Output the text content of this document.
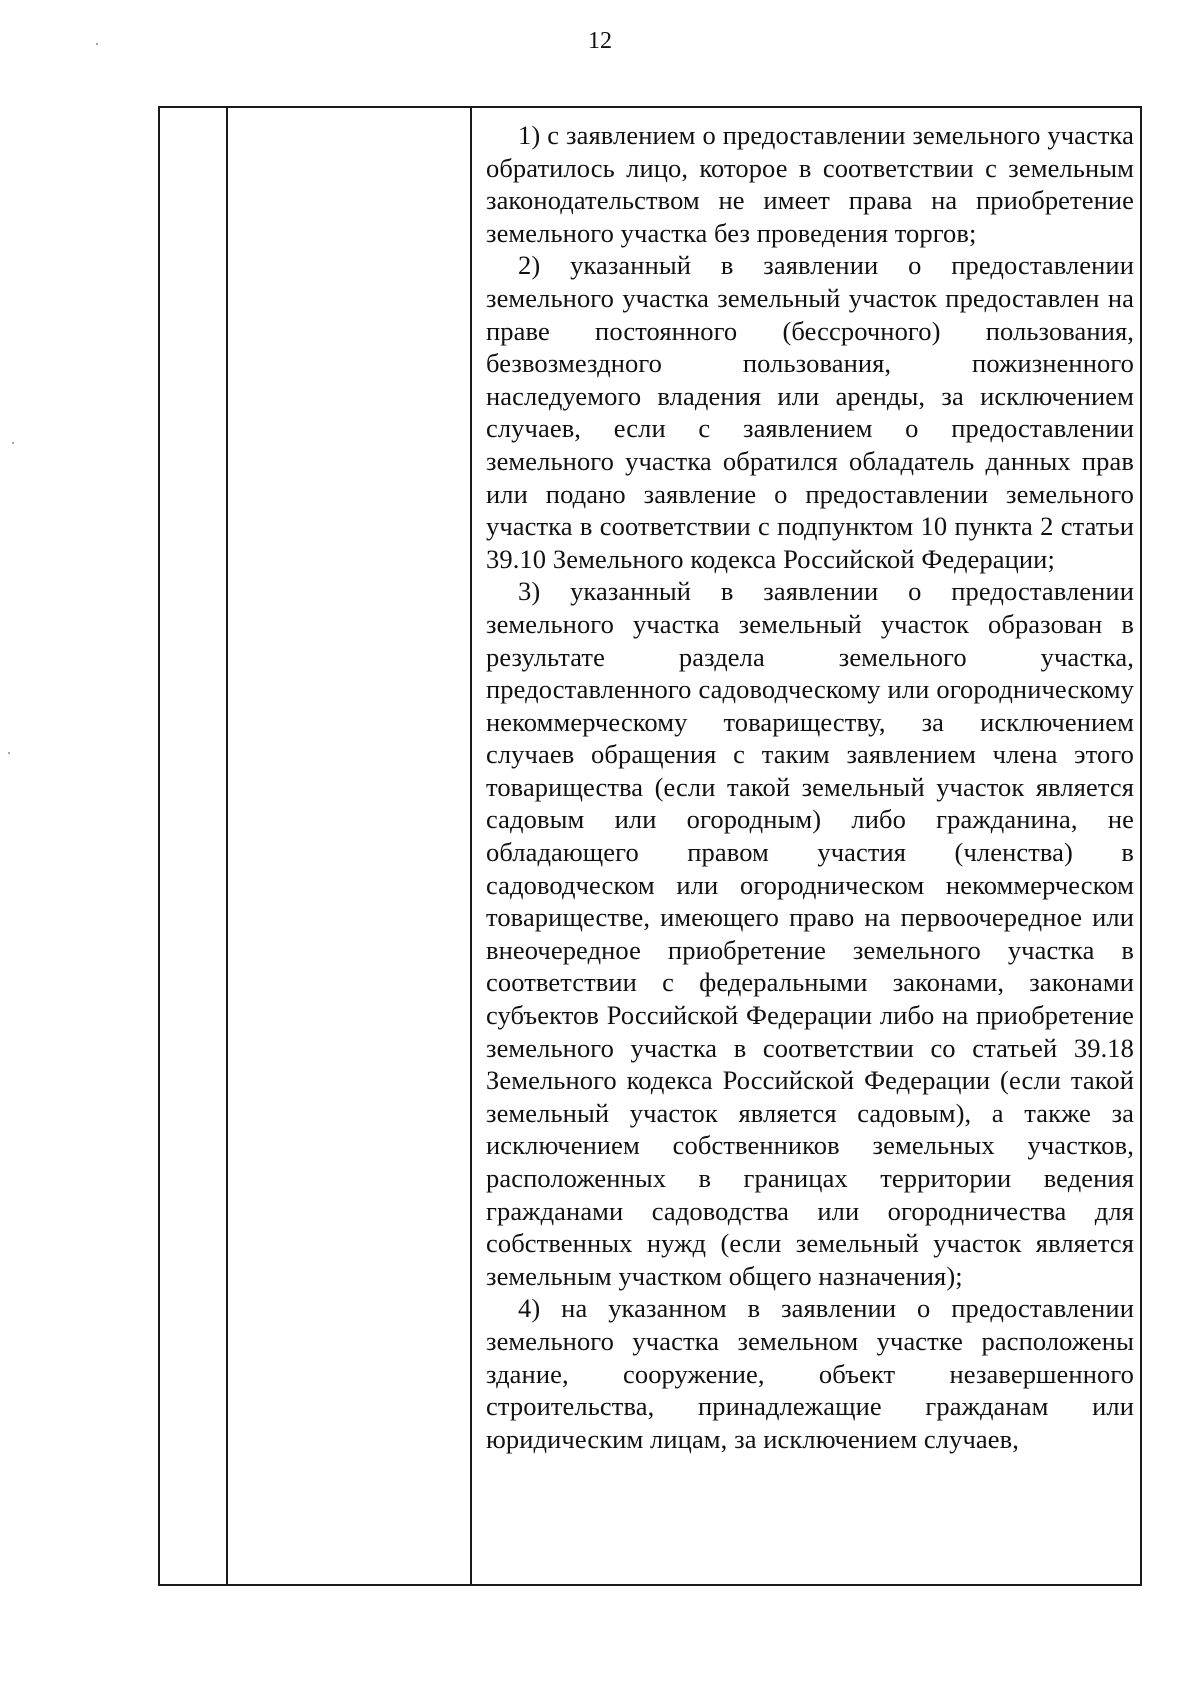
12

1) с заявлением о предоставлении земельного участка обратилось лицо, которое в соответствии с земельным законодательством не имеет права на приобретение земельного участка без проведения торгов;

2) указанный в заявлении о предоставлении земельного участка земельный участок предоставлен на праве постоянного (бессрочного) пользования, безвозмездного пользования, пожизненного наследуемого владения или аренды, за исключением случаев, если с заявлением о предоставлении земельного участка обратился обладатель данных прав или подано заявление о предоставлении земельного участка в соответствии с подпунктом 10 пункта 2 статьи 39.10 Земельного кодекса Российской Федерации;

3) указанный в заявлении о предоставлении земельного участка земельный участок образован в результате раздела земельного участка, предоставленного садоводческому или огородническому некоммерческому товариществу, за исключением случаев обращения с таким заявлением члена этого товарищества (если такой земельный участок является садовым или огородным) либо гражданина, не обладающего правом участия (членства) в садоводческом или огородническом некоммерческом товариществе, имеющего право на первоочередное или внеочередное приобретение земельного участка в соответствии с федеральными законами, законами субъектов Российской Федерации либо на приобретение земельного участка в соответствии со статьей 39.18 Земельного кодекса Российской Федерации (если такой земельный участок является садовым), а также за исключением собственников земельных участков, расположенных в границах территории ведения гражданами садоводства или огородничества для собственных нужд (если земельный участок является земельным участком общего назначения);

4) на указанном в заявлении о предоставлении земельного участка земельном участке расположены здание, сооружение, объект незавершенного строительства, принадлежащие гражданам или юридическим лицам, за исключением случаев,
